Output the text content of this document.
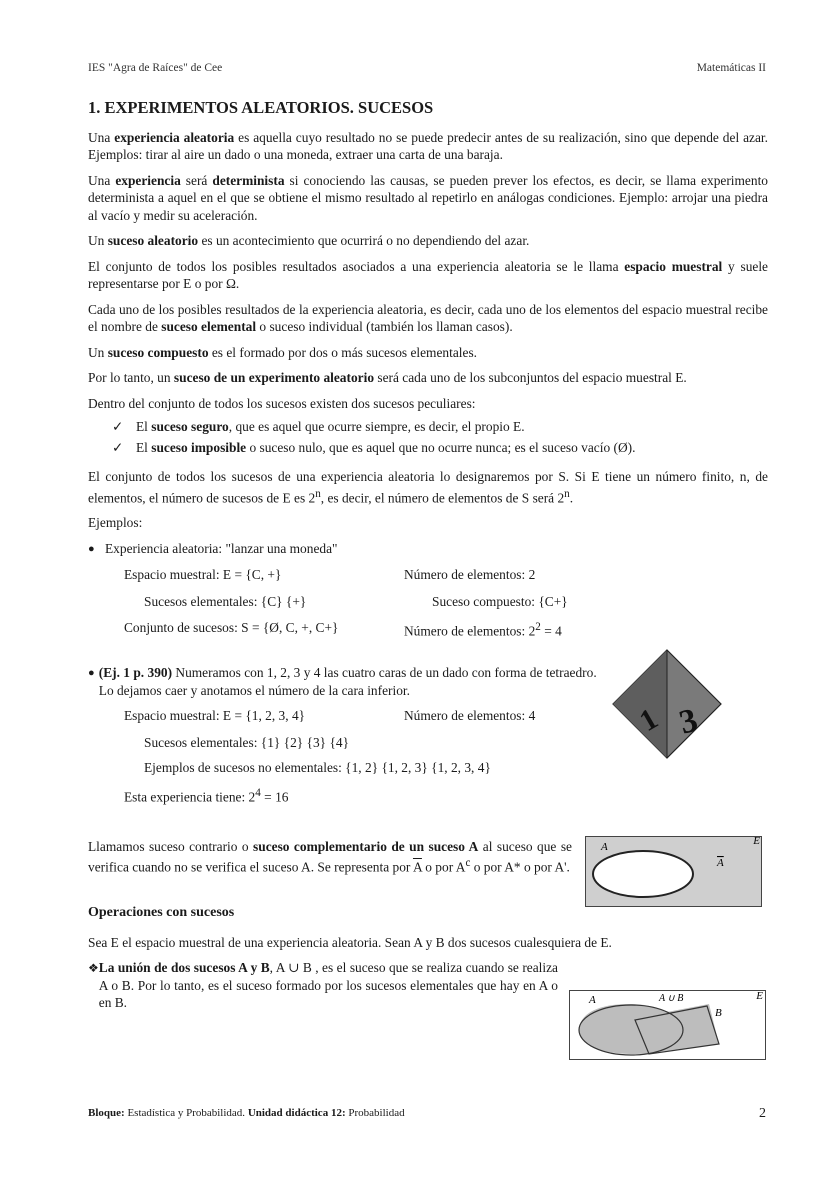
IES "Agra de Raíces" de Cee	Matemáticas II
1. EXPERIMENTOS ALEATORIOS. SUCESOS

Una experiencia aleatoria es aquella cuyo resultado no se puede predecir antes de su realización, sino que depende del azar. Ejemplos: tirar al aire un dado o una moneda, extraer una carta de una baraja.

Una experiencia será determinista si conociendo las causas, se pueden prever los efectos, es decir, se llama experimento determinista a aquel en el que se obtiene el mismo resultado al repetirlo en análogas condiciones. Ejemplo: arrojar una piedra al vacío y medir su aceleración.

Un suceso aleatorio es un acontecimiento que ocurrirá o no dependiendo del azar.

El conjunto de todos los posibles resultados asociados a una experiencia aleatoria se le llama espacio muestral y suele representarse por E o por Ω.

Cada uno de los posibles resultados de la experiencia aleatoria, es decir, cada uno de los elementos del espacio muestral recibe el nombre de suceso elemental o suceso individual (también los llaman casos).

Un suceso compuesto es el formado por dos o más sucesos elementales.

Por lo tanto, un suceso de un experimento aleatorio será cada uno de los subconjuntos del espacio muestral E.

Dentro del conjunto de todos los sucesos existen dos sucesos peculiares:

✓ El suceso seguro, que es aquel que ocurre siempre, es decir, el propio E.
✓ El suceso imposible o suceso nulo, que es aquel que no ocurre nunca; es el suceso vacío (Ø).

El conjunto de todos los sucesos de una experiencia aleatoria lo designaremos por S. Si E tiene un número finito, n, de elementos, el número de sucesos de E es 2$^n$, es decir, el número de elementos de S será 2$^n$.

Ejemplos:

● Experiencia aleatoria: "lanzar una moneda"
Espacio muestral: E = {C, +}	Número de elementos: 2
Sucesos elementales: {C} {+}	Suceso compuesto: {C+}
Conjunto de sucesos: S = {Ø, C, +, C+}	Número de elementos: $2^2 = 4$
● (Ej. 1 p. 390) Numeramos con 1, 2, 3 y 4 las cuatro caras de un dado con forma de tetraedro. Lo dejamos caer y anotamos el número de la cara inferior.
Espacio muestral: E = {1, 2, 3, 4}	Número de elementos: 4
Sucesos elementales: {1} {2} {3} {4}
Ejemplos de sucesos no elementales: {1, 2} {1, 2, 3} {1, 2, 3, 4}
Esta experiencia tiene: $2^4 = 16$

Llamamos suceso contrario o suceso complementario de un suceso A al suceso que se verifica cuando no se verifica el suceso A. Se representa por $\overline{A}$ o por $A^c$ o por A* o por A'.

Operaciones con sucesos

Sea E el espacio muestral de una experiencia aleatoria. Sean A y B dos sucesos cualesquiera de E.

❖ La unión de dos sucesos A y B, A ∪ B , es el suceso que se realiza cuando se realiza A o B. Por lo tanto, es el suceso formado por los sucesos elementales que hay en A o en B.
1 3
E
A
A
E
A
B
A ∪ B
Bloque: Estadística y Probabilidad. Unidad didáctica 12: Probabilidad	2
